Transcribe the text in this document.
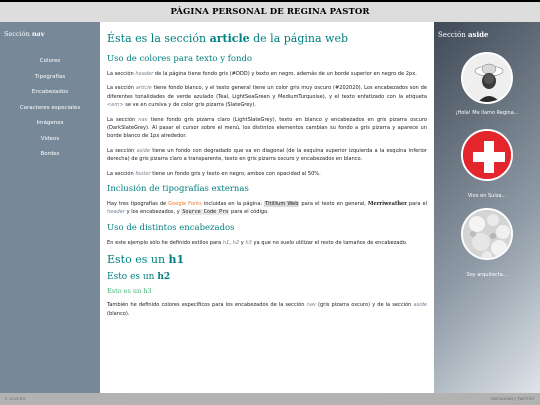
PÁGINA PERSONAL DE REGINA PASTOR
Sección nav
Colores
Tipografías
Encabezados
Caracteres especiales
Imágenes
Vídeos
Bordes
Ésta es la sección article de la página web
Uso de colores para texto y fondo

La sección header de la página tiene fondo gris (#DDD) y texto en negro, además de un borde superior en negro de 2px.

La sección article tiene fondo blanco, y el texto general tiene un color gris muy oscuro (#202020). Los encabezados son de diferentes tonalidades de verde azulado (Teal, LightSeaGreen y MediumTurquoise), y el texto enfatizado con la etiqueta <em> se ve en cursiva y de color gris pizarra (SlateGrey).

La sección nav tiene fondo gris pizarra claro (LightSlateGrey), texto en blanco y encabezados en gris pizarra oscuro (DarkSlateGrey). Al pasar el cursor sobre el menú, los distintos elementos cambian su fondo a gris pizarra y aparece un borde blanco de 1px alrededor.

La sección aside tiene un fondo con degradado que va en diagonal (de la esquina superior izquierda a la esquina inferior derecha) de gris pizarra claro a transparente, texto en gris pizarra oscuro y encabezados en blanco.

La sección footer tiene un fondo gris y texto en negro, ambos con opacidad al 50%.

Inclusión de tipografías externas

Hay tres tipografías de Google Fonts incluidas en la página: Titillium Web para el texto en general, Merriweather para el header y los encabezados, y Source Code Pro para el código.

Uso de distintos encabezados

En este ejemplo sólo he definido estilos para h1, h2 y h3 ya que no suelo utilizar el resto de tamaños de encabezado.

Esto es un h1
Esto es un h2
Esto es un h3

También he definido colores específicos para los encabezados de la sección nav (gris pizarra oscuro) y de la sección aside (blanco).

Sección aside
¡Hola! Me llamo Regina...
Vivo en Suiza...
Soy arquitecta...
© 2016 RG	INSTAGRAM | TWITTER
